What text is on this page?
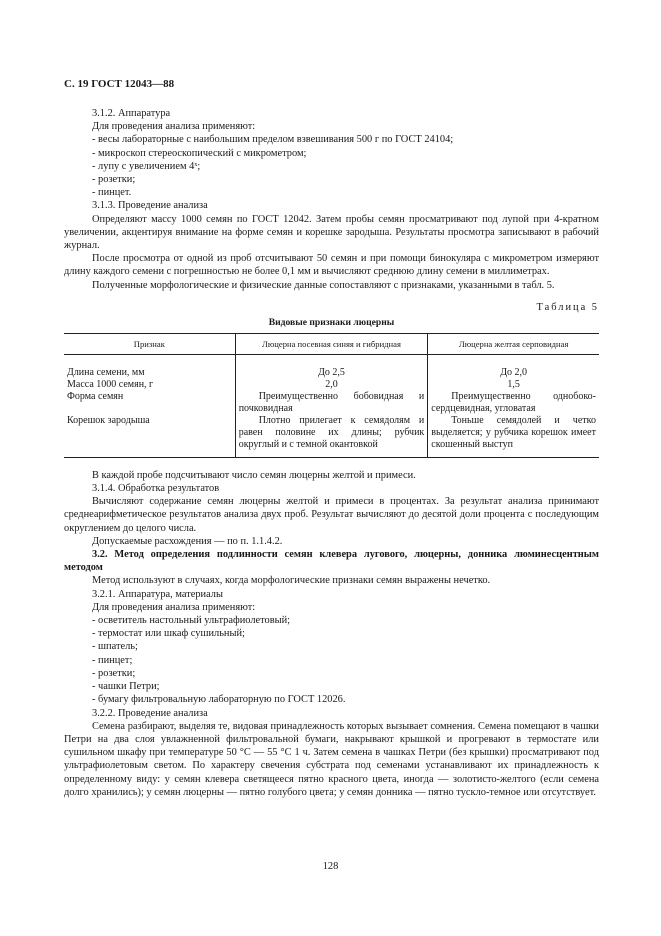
С. 19 ГОСТ 12043—88

3.1.2. Аппаратура

Для проведения анализа применяют:

- весы лабораторные с наибольшим пределом взвешивания 500 г по ГОСТ 24104;

- микроскоп стереоскопический с микрометром;

- лупу с увеличением 4ˣ;

- розетки;

- пинцет.

3.1.3. Проведение анализа

Определяют массу 1000 семян по ГОСТ 12042. Затем пробы семян просматривают под лупой при 4-кратном увеличении, акцентируя внимание на форме семян и корешке зародыша. Результаты просмотра записывают в рабочий журнал.

После просмотра от одной из проб отсчитывают 50 семян и при помощи бинокуляра с микрометром измеряют длину каждого семени с погрешностью не более 0,1 мм и вычисляют среднюю длину семени в миллиметрах.

Полученные морфологические и физические данные сопоставляют с признаками, указанными в табл. 5.

Таблица 5
Видовые признаки люцерны
Признак	Люцерна посевная синяя и гибридная	Люцерна желтая серповидная
Длина семени, мм	До 2,5	До 2,0
Масса 1000 семян, г	2,0	1,5
Форма семян	Преимущественно бобовидная и почковидная	Преимущественно однобоко-сердцевидная, угловатая
Корешок зародыша	Плотно прилегает к семядолям и равен половине их длины; рубчик округлый и с темной окантовкой	Тоньше семядолей и четко выделяется; у рубчика корешок имеет скошенный выступ

В каждой пробе подсчитывают число семян люцерны желтой и примеси.

3.1.4. Обработка результатов

Вычисляют содержание семян люцерны желтой и примеси в процентах. За результат анализа принимают среднеарифметическое результатов анализа двух проб. Результат вычисляют до десятой доли процента с последующим округлением до целого числа.

Допускаемые расхождения — по п. 1.1.4.2.

3.2. Метод определения подлинности семян клевера лугового, люцерны, донника люминесцентным методом

Метод используют в случаях, когда морфологические признаки семян выражены нечетко.

3.2.1. Аппаратура, материалы

Для проведения анализа применяют:

- осветитель настольный ультрафиолетовый;

- термостат или шкаф сушильный;

- шпатель;

- пинцет;

- розетки;

- чашки Петри;

- бумагу фильтровальную лабораторную по ГОСТ 12026.

3.2.2. Проведение анализа

Семена разбирают, выделяя те, видовая принадлежность которых вызывает сомнения. Семена помещают в чашки Петри на два слоя увлажненной фильтровальной бумаги, накрывают крышкой и прогревают в термостате или сушильном шкафу при температуре 50 °С — 55 °С 1 ч. Затем семена в чашках Петри (без крышки) просматривают под ультрафиолетовым светом. По характеру свечения субстрата под семенами устанавливают их принадлежность к определенному виду: у семян клевера светящееся пятно красного цвета, иногда — золотисто-желтого (если семена долго хранились); у семян люцерны — пятно голубого цвета; у семян донника — пятно тускло-темное или отсутствует.

128
